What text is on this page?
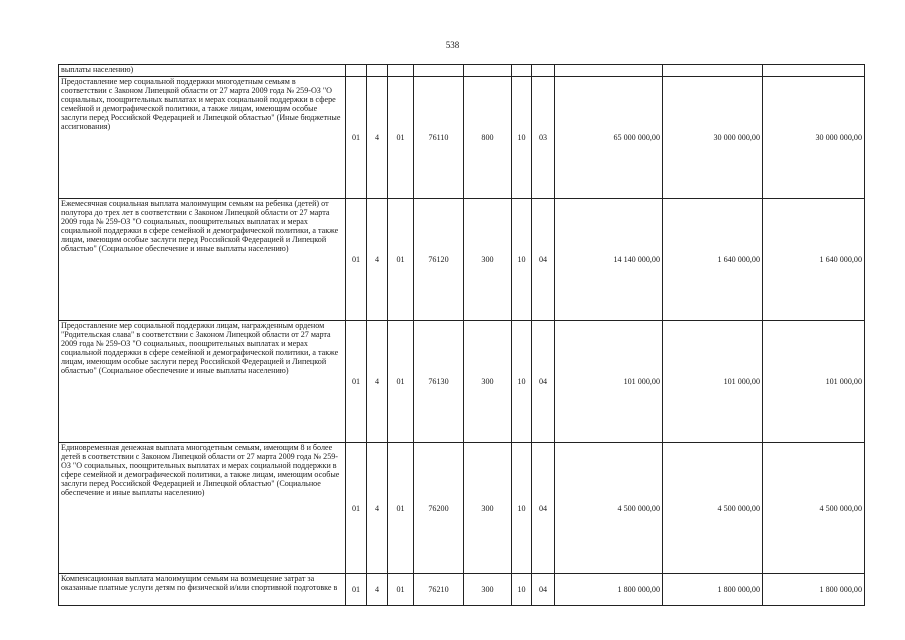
538
выплаты населению)										
Предоставление мер социальной поддержки многодетным семьям в соответствии с Законом Липецкой области от 27 марта 2009 года № 259-ОЗ "О социальных, поощрительных выплатах и мерах социальной поддержки в сфере семейной и демографической политики, а также лицам, имеющим особые заслуги перед Российской Федерацией и Липецкой областью" (Иные бюджетные ассигнования)	01	4	01	76110	800	10	03	65 000 000,00	30 000 000,00	30 000 000,00
Ежемесячная социальная выплата малоимущим семьям на ребенка (детей) от полутора до трех лет в соответствии с Законом Липецкой области от 27 марта 2009 года № 259-ОЗ "О социальных, поощрительных выплатах и мерах социальной поддержки в сфере семейной и демографической политики, а также лицам, имеющим особые заслуги перед Российской Федерацией и Липецкой областью" (Социальное обеспечение и иные выплаты населению)	01	4	01	76120	300	10	04	14 140 000,00	1 640 000,00	1 640 000,00
Предоставление мер социальной поддержки лицам, награжденным орденом "Родительская слава" в соответствии с Законом Липецкой области от 27 марта 2009 года № 259-ОЗ "О социальных, поощрительных выплатах и мерах социальной поддержки в сфере семейной и демографической политики, а также лицам, имеющим особые заслуги перед Российской Федерацией и Липецкой областью" (Социальное обеспечение и иные выплаты населению)	01	4	01	76130	300	10	04	101 000,00	101 000,00	101 000,00
Единовременная денежная выплата многодетным семьям, имеющим 8 и более детей в соответствии с Законом Липецкой области от 27 марта 2009 года № 259-ОЗ "О социальных, поощрительных выплатах и мерах социальной поддержки в сфере семейной и демографической политики, а также лицам, имеющим особые заслуги перед Российской Федерацией и Липецкой областью" (Социальное обеспечение и иные выплаты населению)	01	4	01	76200	300	10	04	4 500 000,00	4 500 000,00	4 500 000,00
Компенсационная выплата малоимущим семьям на возмещение затрат за оказанные платные услуги детям по физической и/или спортивной подготовке в	01	4	01	76210	300	10	04	1 800 000,00	1 800 000,00	1 800 000,00
